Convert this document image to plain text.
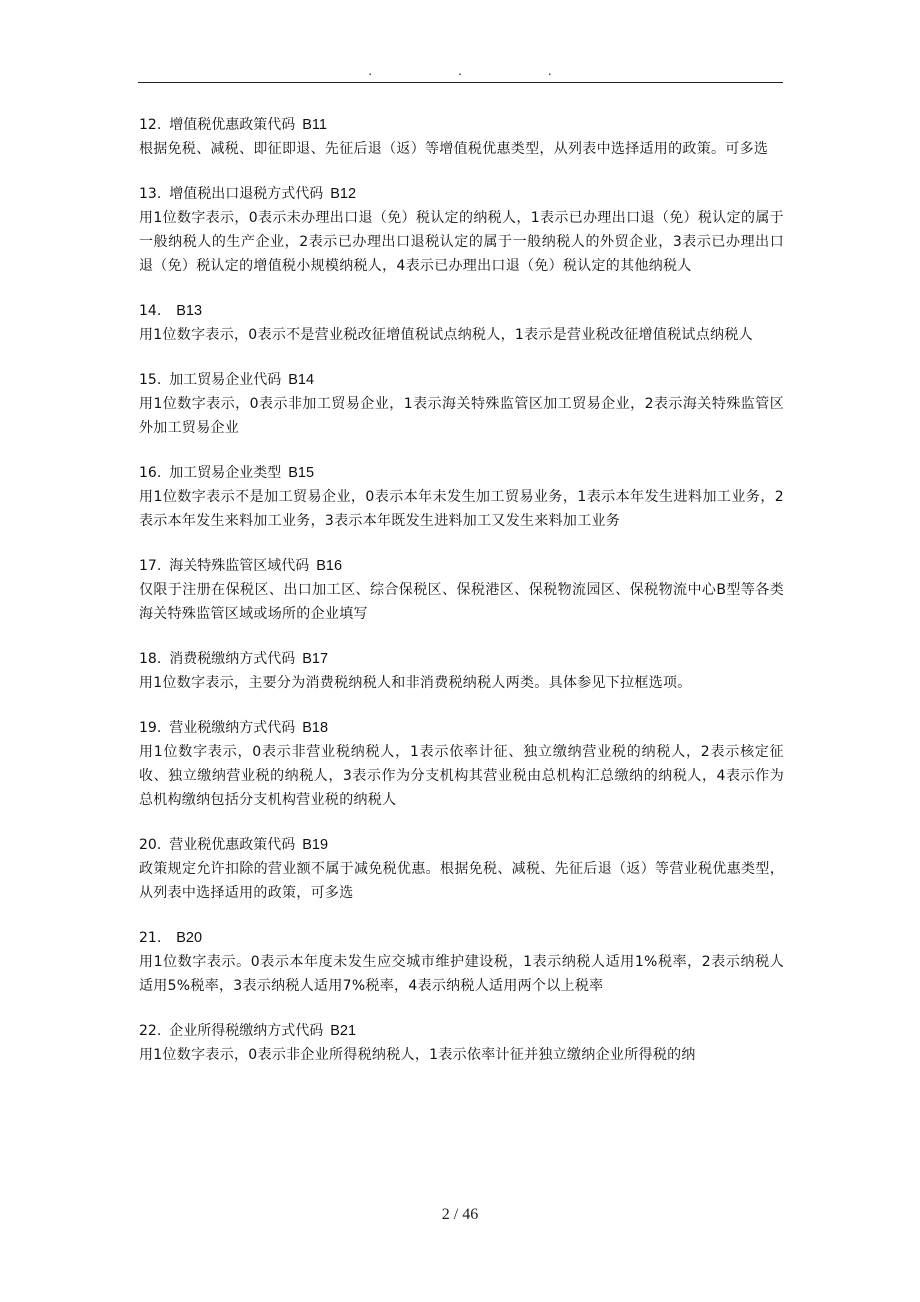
.	.	.
12. 增值税优惠政策代码 B11
根据免税、减税、即征即退、先征后退（返）等增值税优惠类型，从列表中选择适用的政策。可多选
13. 增值税出口退税方式代码 B12
用1位数字表示，0表示未办理出口退（免）税认定的纳税人，1表示已办理出口退（免）税认定的属于一般纳税人的生产企业，2表示已办理出口退税认定的属于一般纳税人的外贸企业，3表示已办理出口退（免）税认定的增值税小规模纳税人，4表示已办理出口退（免）税认定的其他纳税人
14. B13
用1位数字表示，0表示不是营业税改征增值税试点纳税人，1表示是营业税改征增值税试点纳税人
15. 加工贸易企业代码 B14
用1位数字表示，0表示非加工贸易企业，1表示海关特殊监管区加工贸易企业，2表示海关特殊监管区外加工贸易企业
16. 加工贸易企业类型 B15
用1位数字表示不是加工贸易企业，0表示本年未发生加工贸易业务，1表示本年发生进料加工业务，2表示本年发生来料加工业务，3表示本年既发生进料加工又发生来料加工业务
17. 海关特殊监管区域代码 B16
仅限于注册在保税区、出口加工区、综合保税区、保税港区、保税物流园区、保税物流中心B型等各类海关特殊监管区域或场所的企业填写
18. 消费税缴纳方式代码 B17
用1位数字表示，主要分为消费税纳税人和非消费税纳税人两类。具体参见下拉框选项。
19. 营业税缴纳方式代码 B18
用1位数字表示，0表示非营业税纳税人，1表示依率计征、独立缴纳营业税的纳税人，2表示核定征收、独立缴纳营业税的纳税人，3表示作为分支机构其营业税由总机构汇总缴纳的纳税人，4表示作为总机构缴纳包括分支机构营业税的纳税人
20. 营业税优惠政策代码 B19
政策规定允许扣除的营业额不属于减免税优惠。根据免税、减税、先征后退（返）等营业税优惠类型，从列表中选择适用的政策，可多选
21. B20
用1位数字表示。0表示本年度未发生应交城市维护建设税，1表示纳税人适用1%税率，2表示纳税人适用5%税率，3表示纳税人适用7%税率，4表示纳税人适用两个以上税率
22. 企业所得税缴纳方式代码 B21
用1位数字表示，0表示非企业所得税纳税人，1表示依率计征并独立缴纳企业所得税的纳
2 / 46
